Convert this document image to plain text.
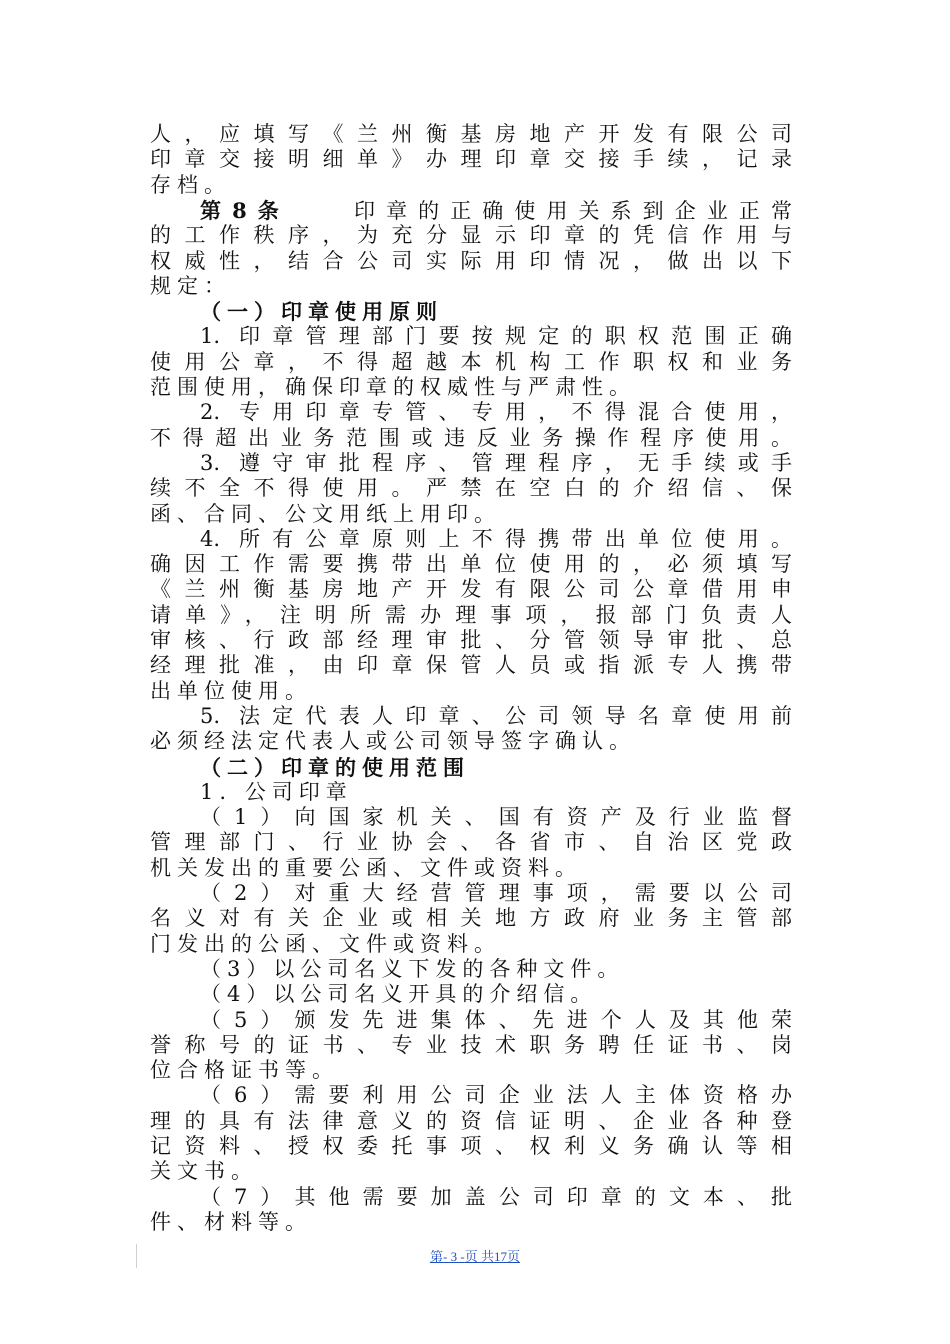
人，应填写《兰州衡基房地产开发有限公司
印章交接明细单》办理印章交接手续，记录
存档。
第8条　　印章的正确使用关系到企业正常
的工作秩序，为充分显示印章的凭信作用与
权威性，结合公司实际用印情况，做出以下
规定：
（一）印章使用原则
1. 印章管理部门要按规定的职权范围正确
使用公章，不得超越本机构工作职权和业务
范围使用，确保印章的权威性与严肃性。
2. 专用印章专管、专用，不得混合使用，
不得超出业务范围或违反业务操作程序使用。
3. 遵守审批程序、管理程序，无手续或手
续不全不得使用。严禁在空白的介绍信、保
函、合同、公文用纸上用印。
4. 所有公章原则上不得携带出单位使用。
确因工作需要携带出单位使用的，必须填写
《兰州衡基房地产开发有限公司公章借用申
请单》，注明所需办理事项，报部门负责人
审核、行政部经理审批、分管领导审批、总
经理批准，由印章保管人员或指派专人携带
出单位使用。
5. 法定代表人印章、公司领导名章使用前
必须经法定代表人或公司领导签字确认。
（二）印章的使用范围
1. 公司印章
（1）向国家机关、国有资产及行业监督
管理部门、行业协会、各省市、自治区党政
机关发出的重要公函、文件或资料。
（2）对重大经营管理事项，需要以公司
名义对有关企业或相关地方政府业务主管部
门发出的公函、文件或资料。
（3）以公司名义下发的各种文件。
（4）以公司名义开具的介绍信。
（5）颁发先进集体、先进个人及其他荣
誉称号的证书、专业技术职务聘任证书、岗
位合格证书等。
（6）需要利用公司企业法人主体资格办
理的具有法律意义的资信证明、企业各种登
记资料、授权委托事项、权利义务确认等相
关文书。
（7）其他需要加盖公司印章的文本、批
件、材料等。
第- 3 -页 共17页
